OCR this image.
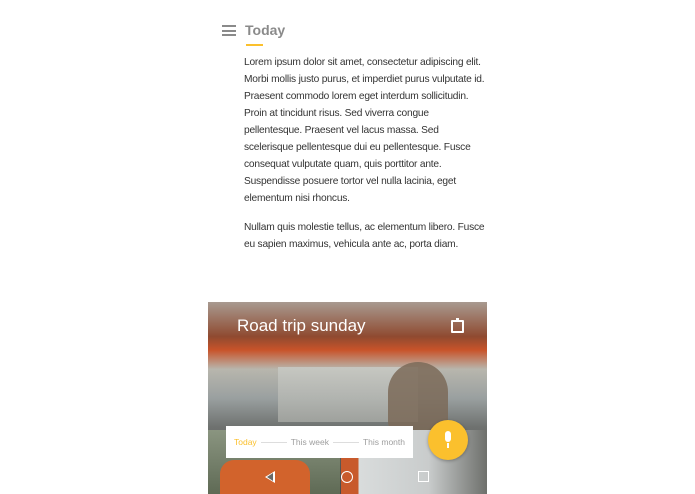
Today

Lorem ipsum dolor sit amet, consectetur adipiscing elit. Morbi mollis justo purus, et imperdiet purus vulputate id. Praesent commodo lorem eget interdum sollicitudin. Proin at tincidunt risus. Sed viverra congue pellentesque. Praesent vel lacus massa. Sed scelerisque pellentesque dui eu pellentesque. Fusce consequat vulputate quam, quis porttitor ante. Suspendisse posuere tortor vel nulla lacinia, eget elementum nisi rhoncus.

Nullam quis molestie tellus, ac elementum libero. Fusce eu sapien maximus, vehicula ante ac, porta diam.

Road trip sunday
Today	This week	This month
